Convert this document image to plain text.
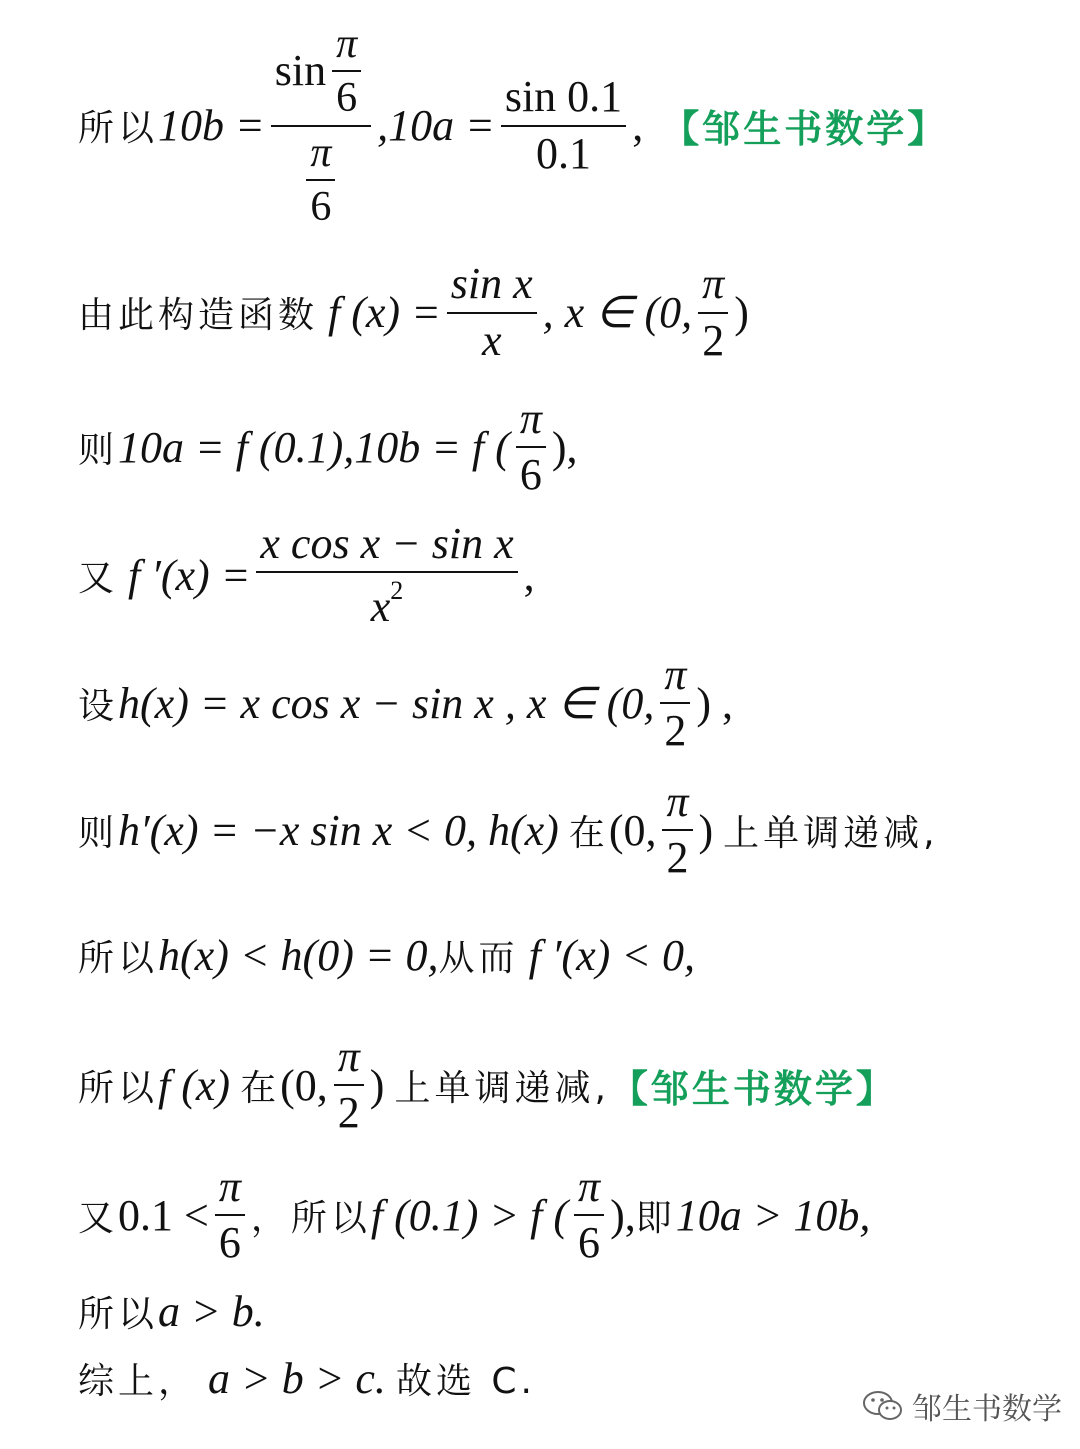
所以 $10b = \frac{\sin \frac{\pi}{6}}{\frac{\pi}{6}} ,10a = \frac{\sin 0.1}{0.1}$ , 【邹生书数学】
由此构造函数 f $(x) = \frac{\text{sin x}}{x}$ , x ∈ (0, $\frac{\pi}{2}$ )
则 10a = f (0.1),10b = f ( $\frac{\pi}{6}$ ),
又 f $'(x) = \frac{\text{x cos x − sin x}}{x^2}$ ,
设 h(x) = x cos x − sin x , x ∈ (0, $\frac{\pi}{2}$ ) ,
则 h′(x) = −x sin x < 0, h(x) 在 (0, $\frac{\pi}{2}$ ) 上单调递减,
所以 h(x) < h(0) = 0, 从而 f ′(x) < 0,
所以 f (x) 在 (0, $\frac{\pi}{2}$ ) 上单调递减, 【邹生书数学】
又 $0.1 < \frac{\pi}{6}$ ，所以 f (0.1) > f ( $\frac{\pi}{6}$ ), 即 10a > 10b,
所以 a > b.
综上， a > b > c. 故选 C.
邹生书数学
